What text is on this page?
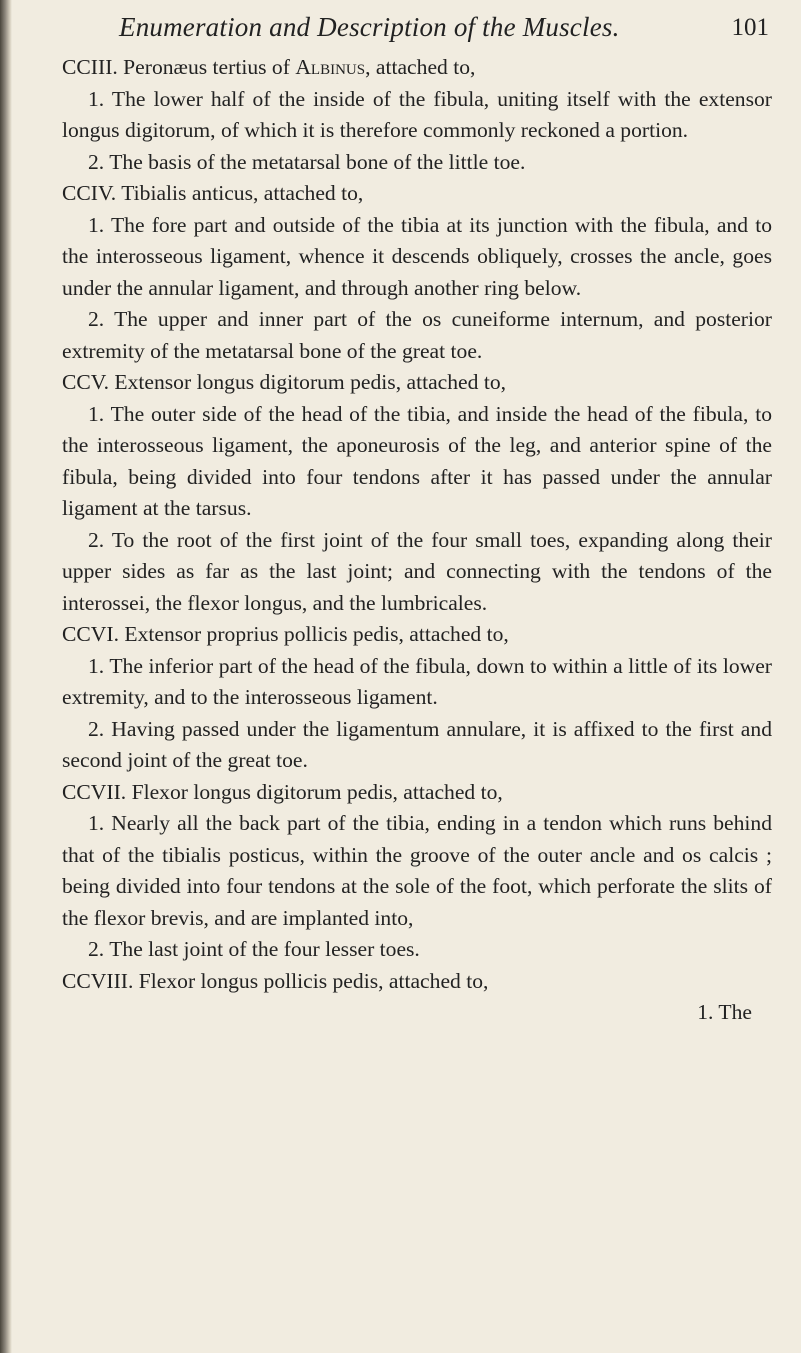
Enumeration and Description of the Muscles.	101

CCIII. Peronæus tertius of Albinus, attached to,

1. The lower half of the inside of the fibula, uniting itself with the extensor longus digitorum, of which it is therefore commonly reckoned a portion.

2. The basis of the metatarsal bone of the little toe.

CCIV. Tibialis anticus, attached to,

1. The fore part and outside of the tibia at its junction with the fibula, and to the interosseous ligament, whence it descends obliquely, crosses the ancle, goes under the annular ligament, and through another ring below.

2. The upper and inner part of the os cuneiforme internum, and posterior extremity of the metatarsal bone of the great toe.

CCV. Extensor longus digitorum pedis, attached to,

1. The outer side of the head of the tibia, and inside the head of the fibula, to the interosseous ligament, the aponeurosis of the leg, and anterior spine of the fibula, being divided into four tendons after it has passed under the annular ligament at the tarsus.

2. To the root of the first joint of the four small toes, expanding along their upper sides as far as the last joint; and connecting with the tendons of the interossei, the flexor longus, and the lumbricales.

CCVI. Extensor proprius pollicis pedis, attached to,

1. The inferior part of the head of the fibula, down to within a little of its lower extremity, and to the interosseous ligament.

2. Having passed under the ligamentum annulare, it is affixed to the first and second joint of the great toe.

CCVII. Flexor longus digitorum pedis, attached to,

1. Nearly all the back part of the tibia, ending in a tendon which runs behind that of the tibialis posticus, within the groove of the outer ancle and os calcis ; being divided into four tendons at the sole of the foot, which perforate the slits of the flexor brevis, and are implanted into,

2. The last joint of the four lesser toes.

CCVIII. Flexor longus pollicis pedis, attached to,

1. The
